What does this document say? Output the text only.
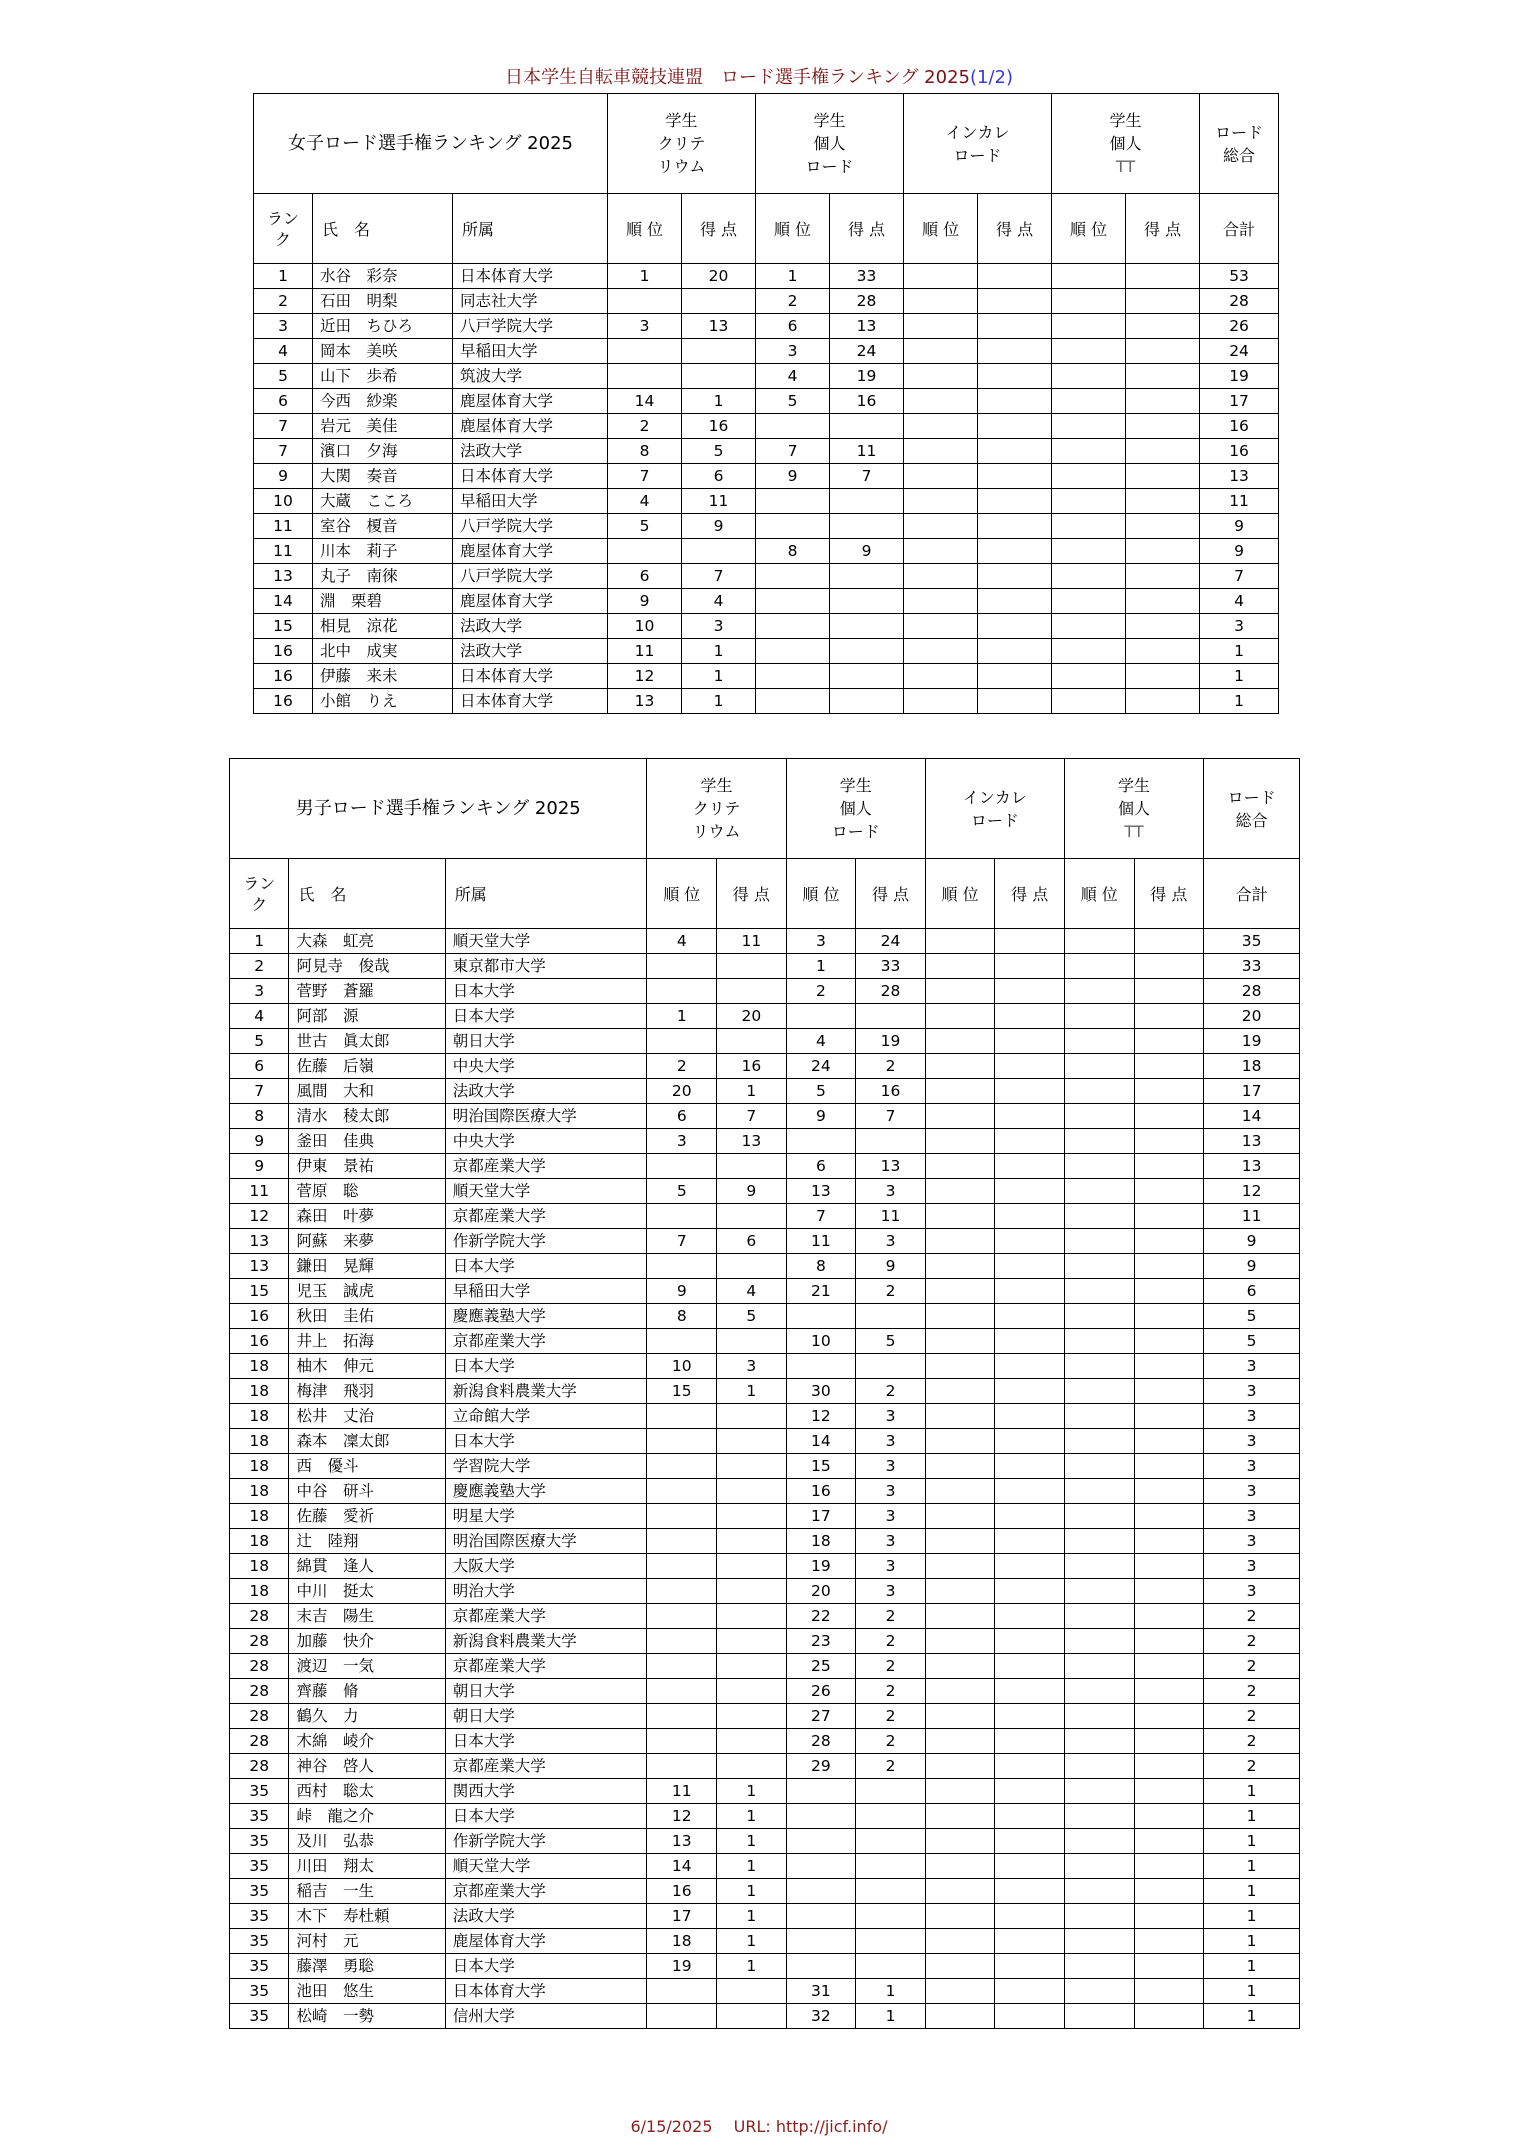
日本学生自転車競技連盟　ロード選手権ランキング 2025(1/2)
女子ロード選手権ランキング 2025			学生
クリテ
リウム		学生
個人
ロード		インカレ
ロード		学生
個人
TT		ロード
総合
ラン
ク	氏　名	所属	順 位	得 点	順 位	得 点	順 位	得 点	順 位	得 点	合計
1	水谷　彩奈	日本体育大学	1	20	1	33					53
2	石田　明梨	同志社大学			2	28					28
3	近田　ちひろ	八戸学院大学	3	13	6	13					26
4	岡本　美咲	早稲田大学			3	24					24
5	山下　歩希	筑波大学			4	19					19
6	今西　紗楽	鹿屋体育大学	14	1	5	16					17
7	岩元　美佳	鹿屋体育大学	2	16							16
7	濱口　夕海	法政大学	8	5	7	11					16
9	大関　奏音	日本体育大学	7	6	9	7					13
10	大蔵　こころ	早稲田大学	4	11							11
11	室谷　榎音	八戸学院大学	5	9							9
11	川本　莉子	鹿屋体育大学			8	9					9
13	丸子　南徠	八戸学院大学	6	7							7
14	淵　栗碧	鹿屋体育大学	9	4							4
15	相見　涼花	法政大学	10	3							3
16	北中　成実	法政大学	11	1							1
16	伊藤　来未	日本体育大学	12	1							1
16	小館　りえ	日本体育大学	13	1							1
男子ロード選手権ランキング 2025			学生
クリテ
リウム		学生
個人
ロード		インカレ
ロード		学生
個人
TT		ロード
総合
ラン
ク	氏　名	所属	順 位	得 点	順 位	得 点	順 位	得 点	順 位	得 点	合計
1	大森　虹亮	順天堂大学	4	11	3	24					35
2	阿見寺　俊哉	東京都市大学			1	33					33
3	菅野　蒼羅	日本大学			2	28					28
4	阿部　源	日本大学	1	20							20
5	世古　眞太郎	朝日大学			4	19					19
6	佐藤　后嶺	中央大学	2	16	24	2					18
7	風間　大和	法政大学	20	1	5	16					17
8	清水　稜太郎	明治国際医療大学	6	7	9	7					14
9	釜田　佳典	中央大学	3	13							13
9	伊東　景祐	京都産業大学			6	13					13
11	菅原　聡	順天堂大学	5	9	13	3					12
12	森田　叶夢	京都産業大学			7	11					11
13	阿蘇　来夢	作新学院大学	7	6	11	3					9
13	鎌田　晃輝	日本大学			8	9					9
15	児玉　誠虎	早稲田大学	9	4	21	2					6
16	秋田　圭佑	慶應義塾大学	8	5							5
16	井上　拓海	京都産業大学			10	5					5
18	柚木　伸元	日本大学	10	3							3
18	梅津　飛羽	新潟食料農業大学	15	1	30	2					3
18	松井　丈治	立命館大学			12	3					3
18	森本　凜太郎	日本大学			14	3					3
18	西　優斗	学習院大学			15	3					3
18	中谷　研斗	慶應義塾大学			16	3					3
18	佐藤　愛祈	明星大学			17	3					3
18	辻　陸翔	明治国際医療大学			18	3					3
18	綿貫　逢人	大阪大学			19	3					3
18	中川　挺太	明治大学			20	3					3
28	末吉　陽生	京都産業大学			22	2					2
28	加藤　快介	新潟食料農業大学			23	2					2
28	渡辺　一気	京都産業大学			25	2					2
28	齊藤　脩	朝日大学			26	2					2
28	鶴久　力	朝日大学			27	2					2
28	木綿　崚介	日本大学			28	2					2
28	神谷　啓人	京都産業大学			29	2					2
35	西村　聡太	関西大学	11	1							1
35	峠　龍之介	日本大学	12	1							1
35	及川　弘恭	作新学院大学	13	1							1
35	川田　翔太	順天堂大学	14	1							1
35	稲吉　一生	京都産業大学	16	1							1
35	木下　寿杜頼	法政大学	17	1							1
35	河村　元	鹿屋体育大学	18	1							1
35	藤澤　勇聡	日本大学	19	1							1
35	池田　悠生	日本体育大学			31	1					1
35	松崎　一勢	信州大学			32	1					1
6/15/2025　 URL: http://jicf.info/
